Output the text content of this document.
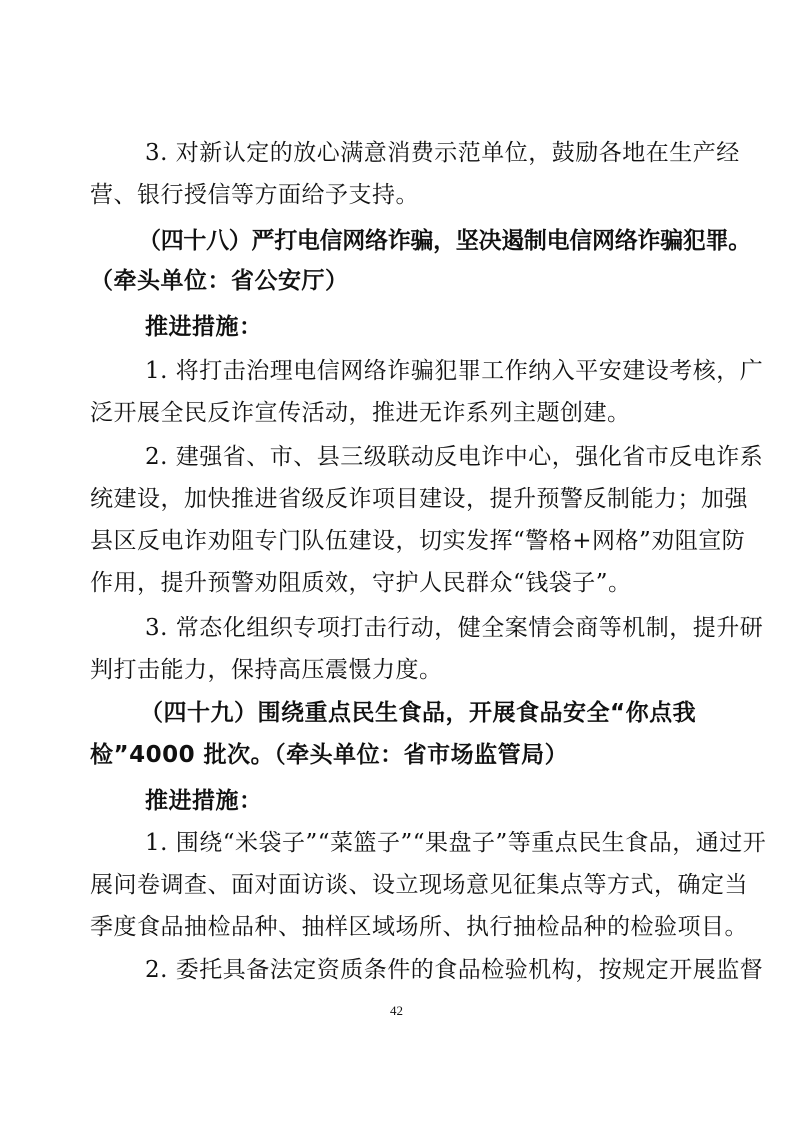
3. 对新认定的放心满意消费示范单位，鼓励各地在生产经
营、银行授信等方面给予支持。
（四十八）严打电信网络诈骗，坚决遏制电信网络诈骗犯罪。
（牵头单位：省公安厅）
推进措施：
1. 将打击治理电信网络诈骗犯罪工作纳入平安建设考核，广
泛开展全民反诈宣传活动，推进无诈系列主题创建。
2. 建强省、市、县三级联动反电诈中心，强化省市反电诈系
统建设，加快推进省级反诈项目建设，提升预警反制能力；加强
县区反电诈劝阻专门队伍建设，切实发挥“警格+网格”劝阻宣防
作用，提升预警劝阻质效，守护人民群众“钱袋子”。
3. 常态化组织专项打击行动，健全案情会商等机制，提升研
判打击能力，保持高压震慑力度。
（四十九）围绕重点民生食品，开展食品安全“你点我
检”4000 批次。（牵头单位：省市场监管局）
推进措施：
1. 围绕“米袋子”“菜篮子”“果盘子”等重点民生食品，通过开
展问卷调查、面对面访谈、设立现场意见征集点等方式，确定当
季度食品抽检品种、抽样区域场所、执行抽检品种的检验项目。
2. 委托具备法定资质条件的食品检验机构，按规定开展监督
42
